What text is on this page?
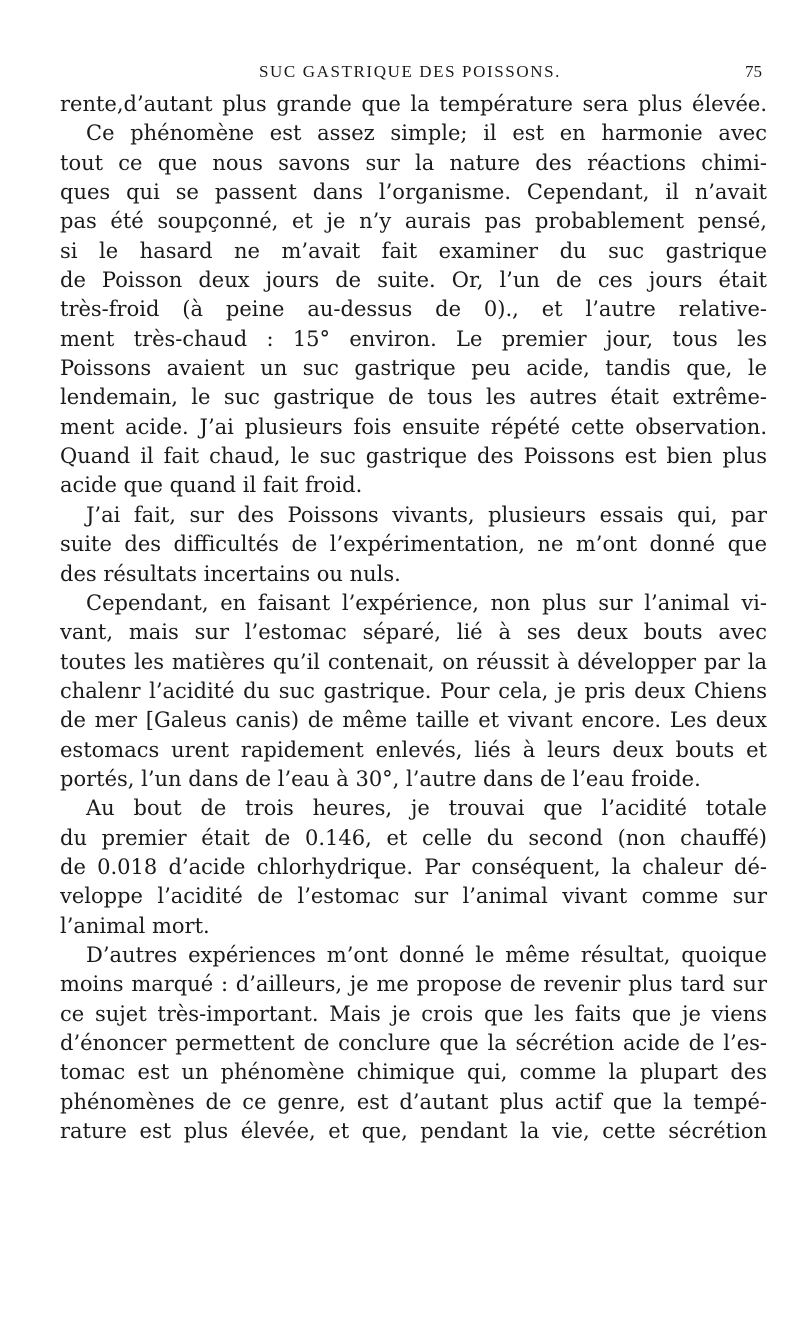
SUC GASTRIQUE DES POISSONS.	75
rente,d’autant plus grande que la température sera plus élevée.
Ce phénomène est assez simple; il est en harmonie avec
tout ce que nous savons sur la nature des réactions chimi-
ques qui se passent dans l’organisme. Cependant, il n’avait
pas été soupçonné, et je n’y aurais pas probablement pensé,
si le hasard ne m’avait fait examiner du suc gastrique
de Poisson deux jours de suite. Or, l’un de ces jours était
très-froid (à peine au-dessus de 0)., et l’autre relative-
ment très-chaud : 15° environ. Le premier jour, tous les
Poissons avaient un suc gastrique peu acide, tandis que, le
lendemain, le suc gastrique de tous les autres était extrême-
ment acide. J’ai plusieurs fois ensuite répété cette observation.
Quand il fait chaud, le suc gastrique des Poissons est bien plus
acide que quand il fait froid.
J’ai fait, sur des Poissons vivants, plusieurs essais qui, par
suite des difficultés de l’expérimentation, ne m’ont donné que
des résultats incertains ou nuls.
Cependant, en faisant l’expérience, non plus sur l’animal vi-
vant, mais sur l’estomac séparé, lié à ses deux bouts avec
toutes les matières qu’il contenait, on réussit à développer par la
chalenr l’acidité du suc gastrique. Pour cela, je pris deux Chiens
de mer [Galeus canis) de même taille et vivant encore. Les deux
estomacs urent rapidement enlevés, liés à leurs deux bouts et
portés, l’un dans de l’eau à 30°, l’autre dans de l’eau froide.
Au bout de trois heures, je trouvai que l’acidité totale
du premier était de 0.146, et celle du second (non chauffé)
de 0.018 d’acide chlorhydrique. Par conséquent, la chaleur dé-
veloppe l’acidité de l’estomac sur l’animal vivant comme sur
l’animal mort.
D’autres expériences m’ont donné le même résultat, quoique
moins marqué : d’ailleurs, je me propose de revenir plus tard sur
ce sujet très-important. Mais je crois que les faits que je viens
d’énoncer permettent de conclure que la sécrétion acide de l’es-
tomac est un phénomène chimique qui, comme la plupart des
phénomènes de ce genre, est d’autant plus actif que la tempé-
rature est plus élevée, et que, pendant la vie, cette sécrétion
